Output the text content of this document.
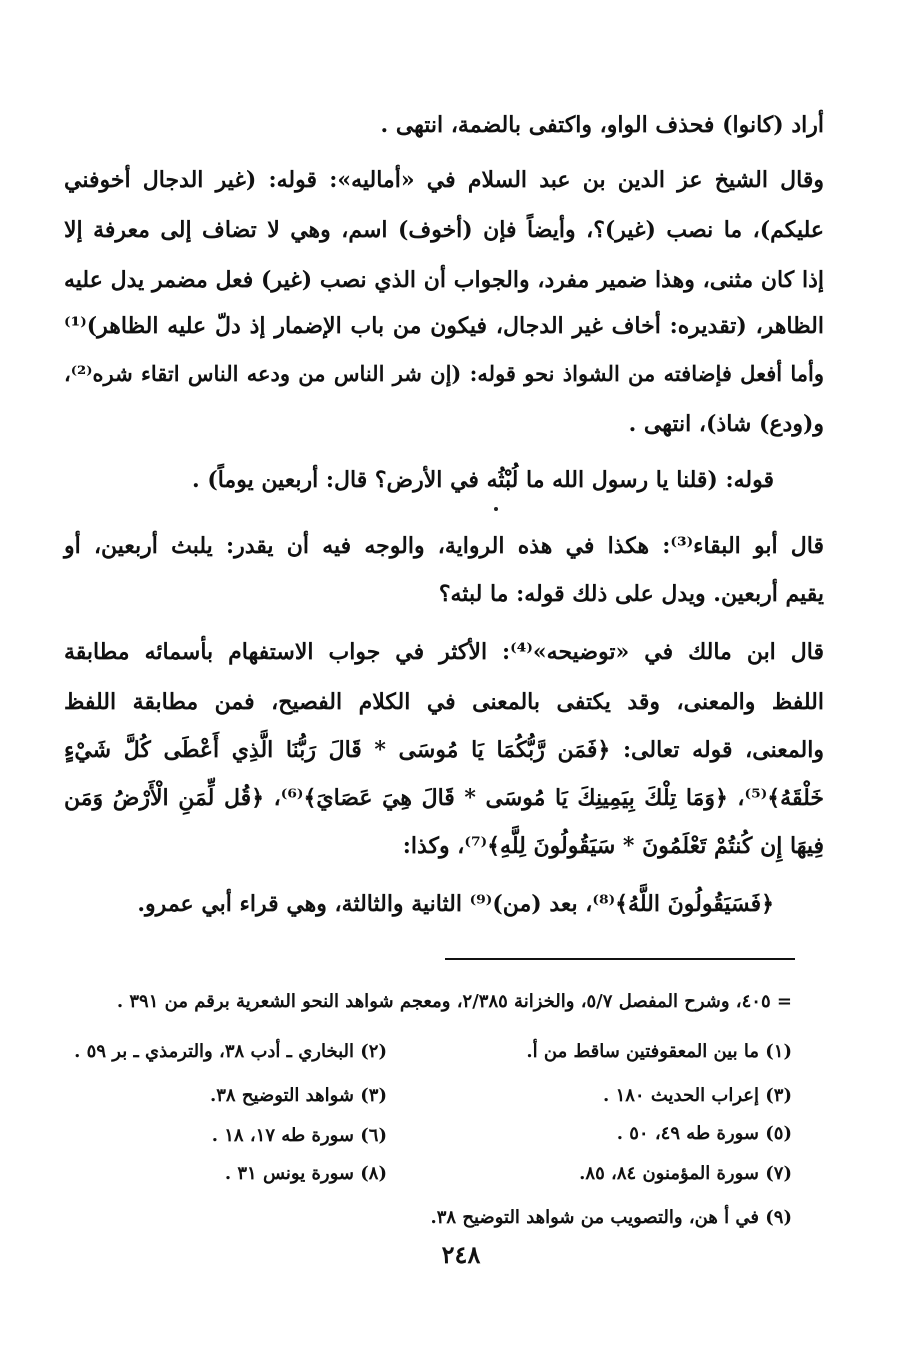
أراد (كانوا) فحذف الواو، واكتفى بالضمة، انتهى .
وقال الشيخ عز الدين بن عبد السلام في «أماليه»: قوله: (غير الدجال أخوفني
عليكم)، ما نصب (غير)؟، وأيضاً فإن (أخوف) اسم، وهي لا تضاف إلى معرفة إلا
إذا كان مثنى، وهذا ضمير مفرد، والجواب أن الذي نصب (غير) فعل مضمر يدل عليه
الظاهر، (تقديره: أخاف غير الدجال، فيكون من باب الإضمار إذ دلّ عليه الظاهر)⁽¹⁾
وأما أفعل فإضافته من الشواذ نحو قوله: (إن شر الناس من ودعه الناس اتقاء شره⁽²⁾،
و(ودع) شاذ)، انتهى .
قوله: (قلنا يا رسول الله ما لُبْثُه في الأرض؟ قال: أربعين يوماً) .
قال أبو البقاء⁽³⁾: هكذا في هذه الرواية، والوجه فيه أن يقدر: يلبث أربعين، أو
يقيم أربعين. ويدل على ذلك قوله: ما لبثه؟
قال ابن مالك في «توضيحه»⁽⁴⁾: الأكثر في جواب الاستفهام بأسمائه مطابقة
اللفظ والمعنى، وقد يكتفى بالمعنى في الكلام الفصيح، فمن مطابقة اللفظ
والمعنى، قوله تعالى: ﴿فَمَن رَّبُّكُمَا يَا مُوسَى * قَالَ رَبُّنَا الَّذِي أَعْطَى كُلَّ شَيْءٍ
خَلْقَهُ﴾⁽⁵⁾، ﴿وَمَا تِلْكَ بِيَمِينِكَ يَا مُوسَى * قَالَ هِيَ عَصَايَ﴾⁽⁶⁾، ﴿قُل لِّمَنِ الْأَرْضُ وَمَن
فِيهَا إِن كُنتُمْ تَعْلَمُونَ * سَيَقُولُونَ لِلَّهِ﴾⁽⁷⁾، وكذا:
﴿فَسَيَقُولُونَ اللَّهُ﴾⁽⁸⁾، بعد (من)⁽⁹⁾ الثانية والثالثة، وهي قراء أبي عمرو.
= ٤٠٥، وشرح المفصل ٥/٧، والخزانة ٢/٣٨٥، ومعجم شواهد النحو الشعرية برقم من ٣٩١ .
(١) ما بين المعقوفتين ساقط من أ.
(٢) البخاري ـ أدب ٣٨، والترمذي ـ بر ٥٩ .
(٣) إعراب الحديث ١٨٠ .
(٣) شواهد التوضيح ٣٨.
(٥) سورة طه ٤٩، ٥٠ .
(٦) سورة طه ١٧، ١٨ .
(٧) سورة المؤمنون ٨٤، ٨٥.
(٨) سورة يونس ٣١ .
(٩) في أ هن، والتصويب من شواهد التوضيح ٣٨.
٢٤٨
